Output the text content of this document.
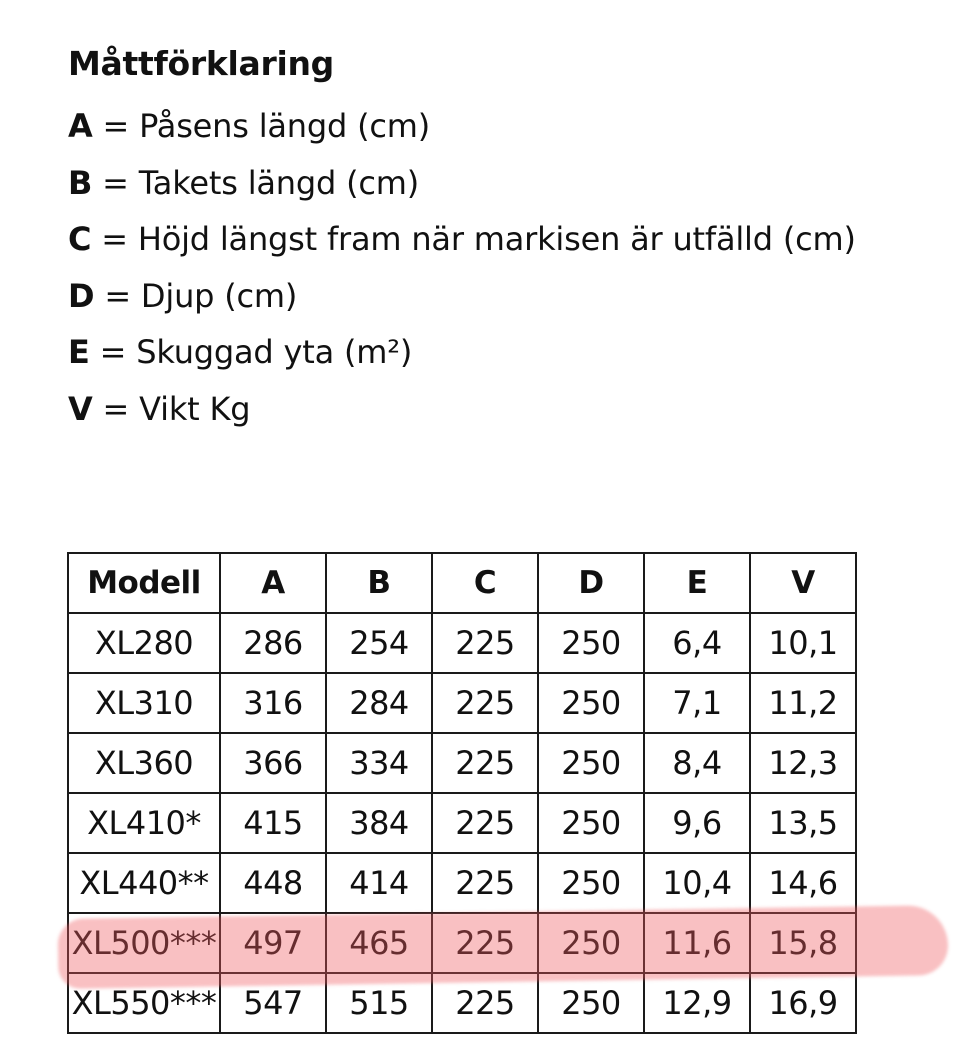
Måttförklaring
A = Påsens längd (cm)
B = Takets längd (cm)
C = Höjd längst fram när markisen är utfälld (cm)
D = Djup (cm)
E = Skuggad yta (m²)
V = Vikt Kg
Modell	A	B	C	D	E	V
XL280	286	254	225	250	6,4	10,1
XL310	316	284	225	250	7,1	11,2
XL360	366	334	225	250	8,4	12,3
XL410*	415	384	225	250	9,6	13,5
XL440**	448	414	225	250	10,4	14,6
XL500***	497	465	225	250	11,6	15,8
XL550***	547	515	225	250	12,9	16,9
